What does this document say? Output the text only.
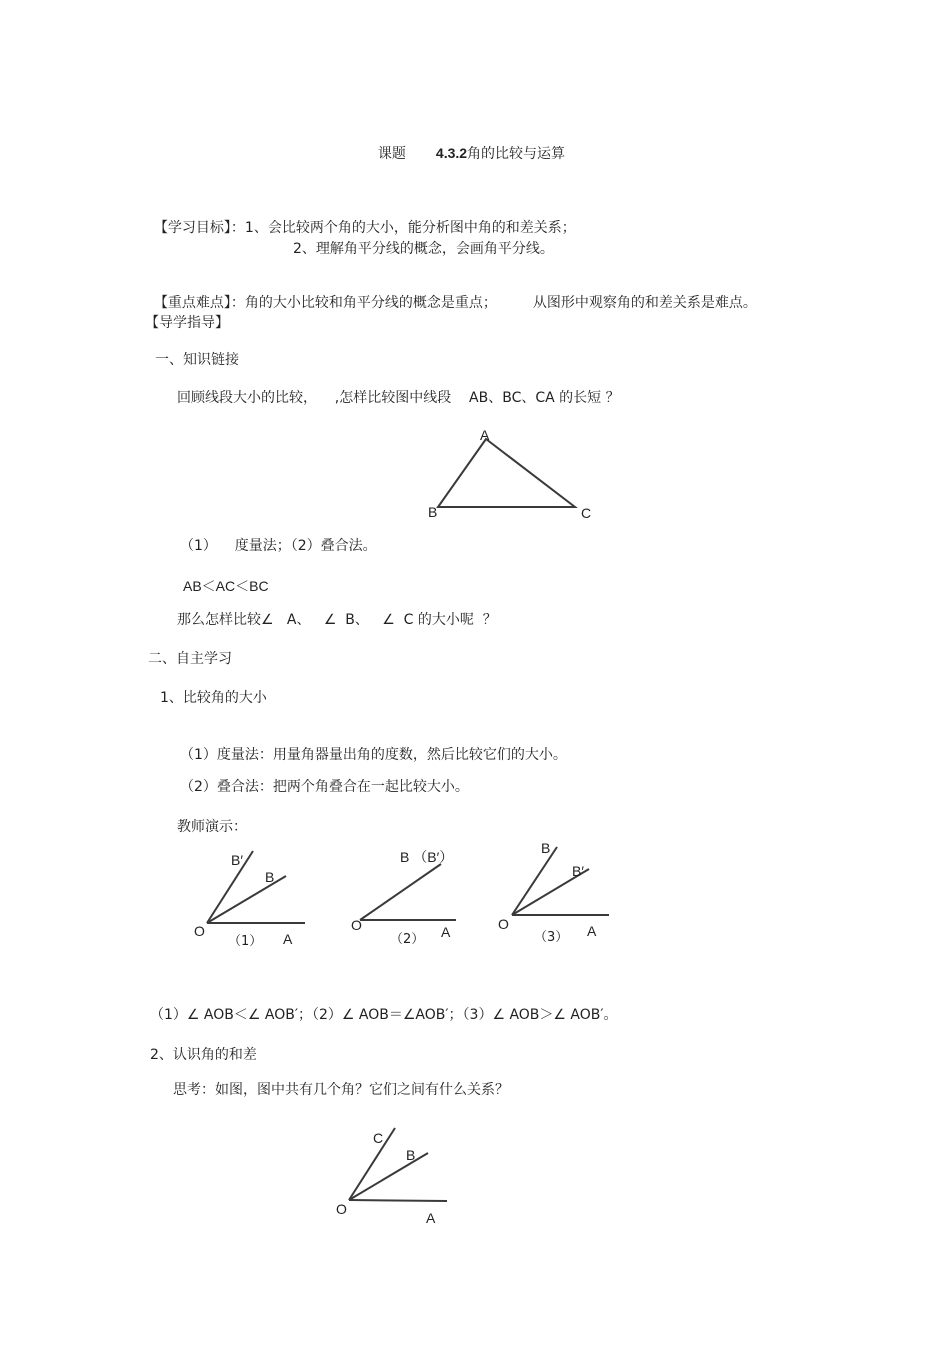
课题 4.3.2角的比较与运算

【学习目标】：1、会比较两个角的大小，能分析图中角的和差关系；

2、理解角平分线的概念，会画角平分线。

【重点难点】：角的大小比较和角平分线的概念是重点；	从图形中观察角的和差关系是难点。

【导学指导】
一、知识链接
回顾线段大小的比较，    ,怎样比较图中线段    AB、BC、CA 的长短 ？
A
B	C
（1）    度量法；（2）叠合法。
AB＜AC＜BC
那么怎样比较∠   A、   ∠  B、   ∠  C 的大小呢  ？
二、自主学习
1、比较角的大小
（1）度量法：用量角器量出角的度数，然后比较它们的大小。
（2）叠合法：把两个角叠合在一起比较大小。
教师演示：
B′
B
O
（1） A
B （B′）
O
（2） A
B
B′
O
（3） A
（1）∠ AOB＜∠ AOB′；（2）∠ AOB＝∠AOB′；（3）∠ AOB＞∠ AOB′。
2、认识角的和差
思考：如图，图中共有几个角？它们之间有什么关系？
C
B
O
A
